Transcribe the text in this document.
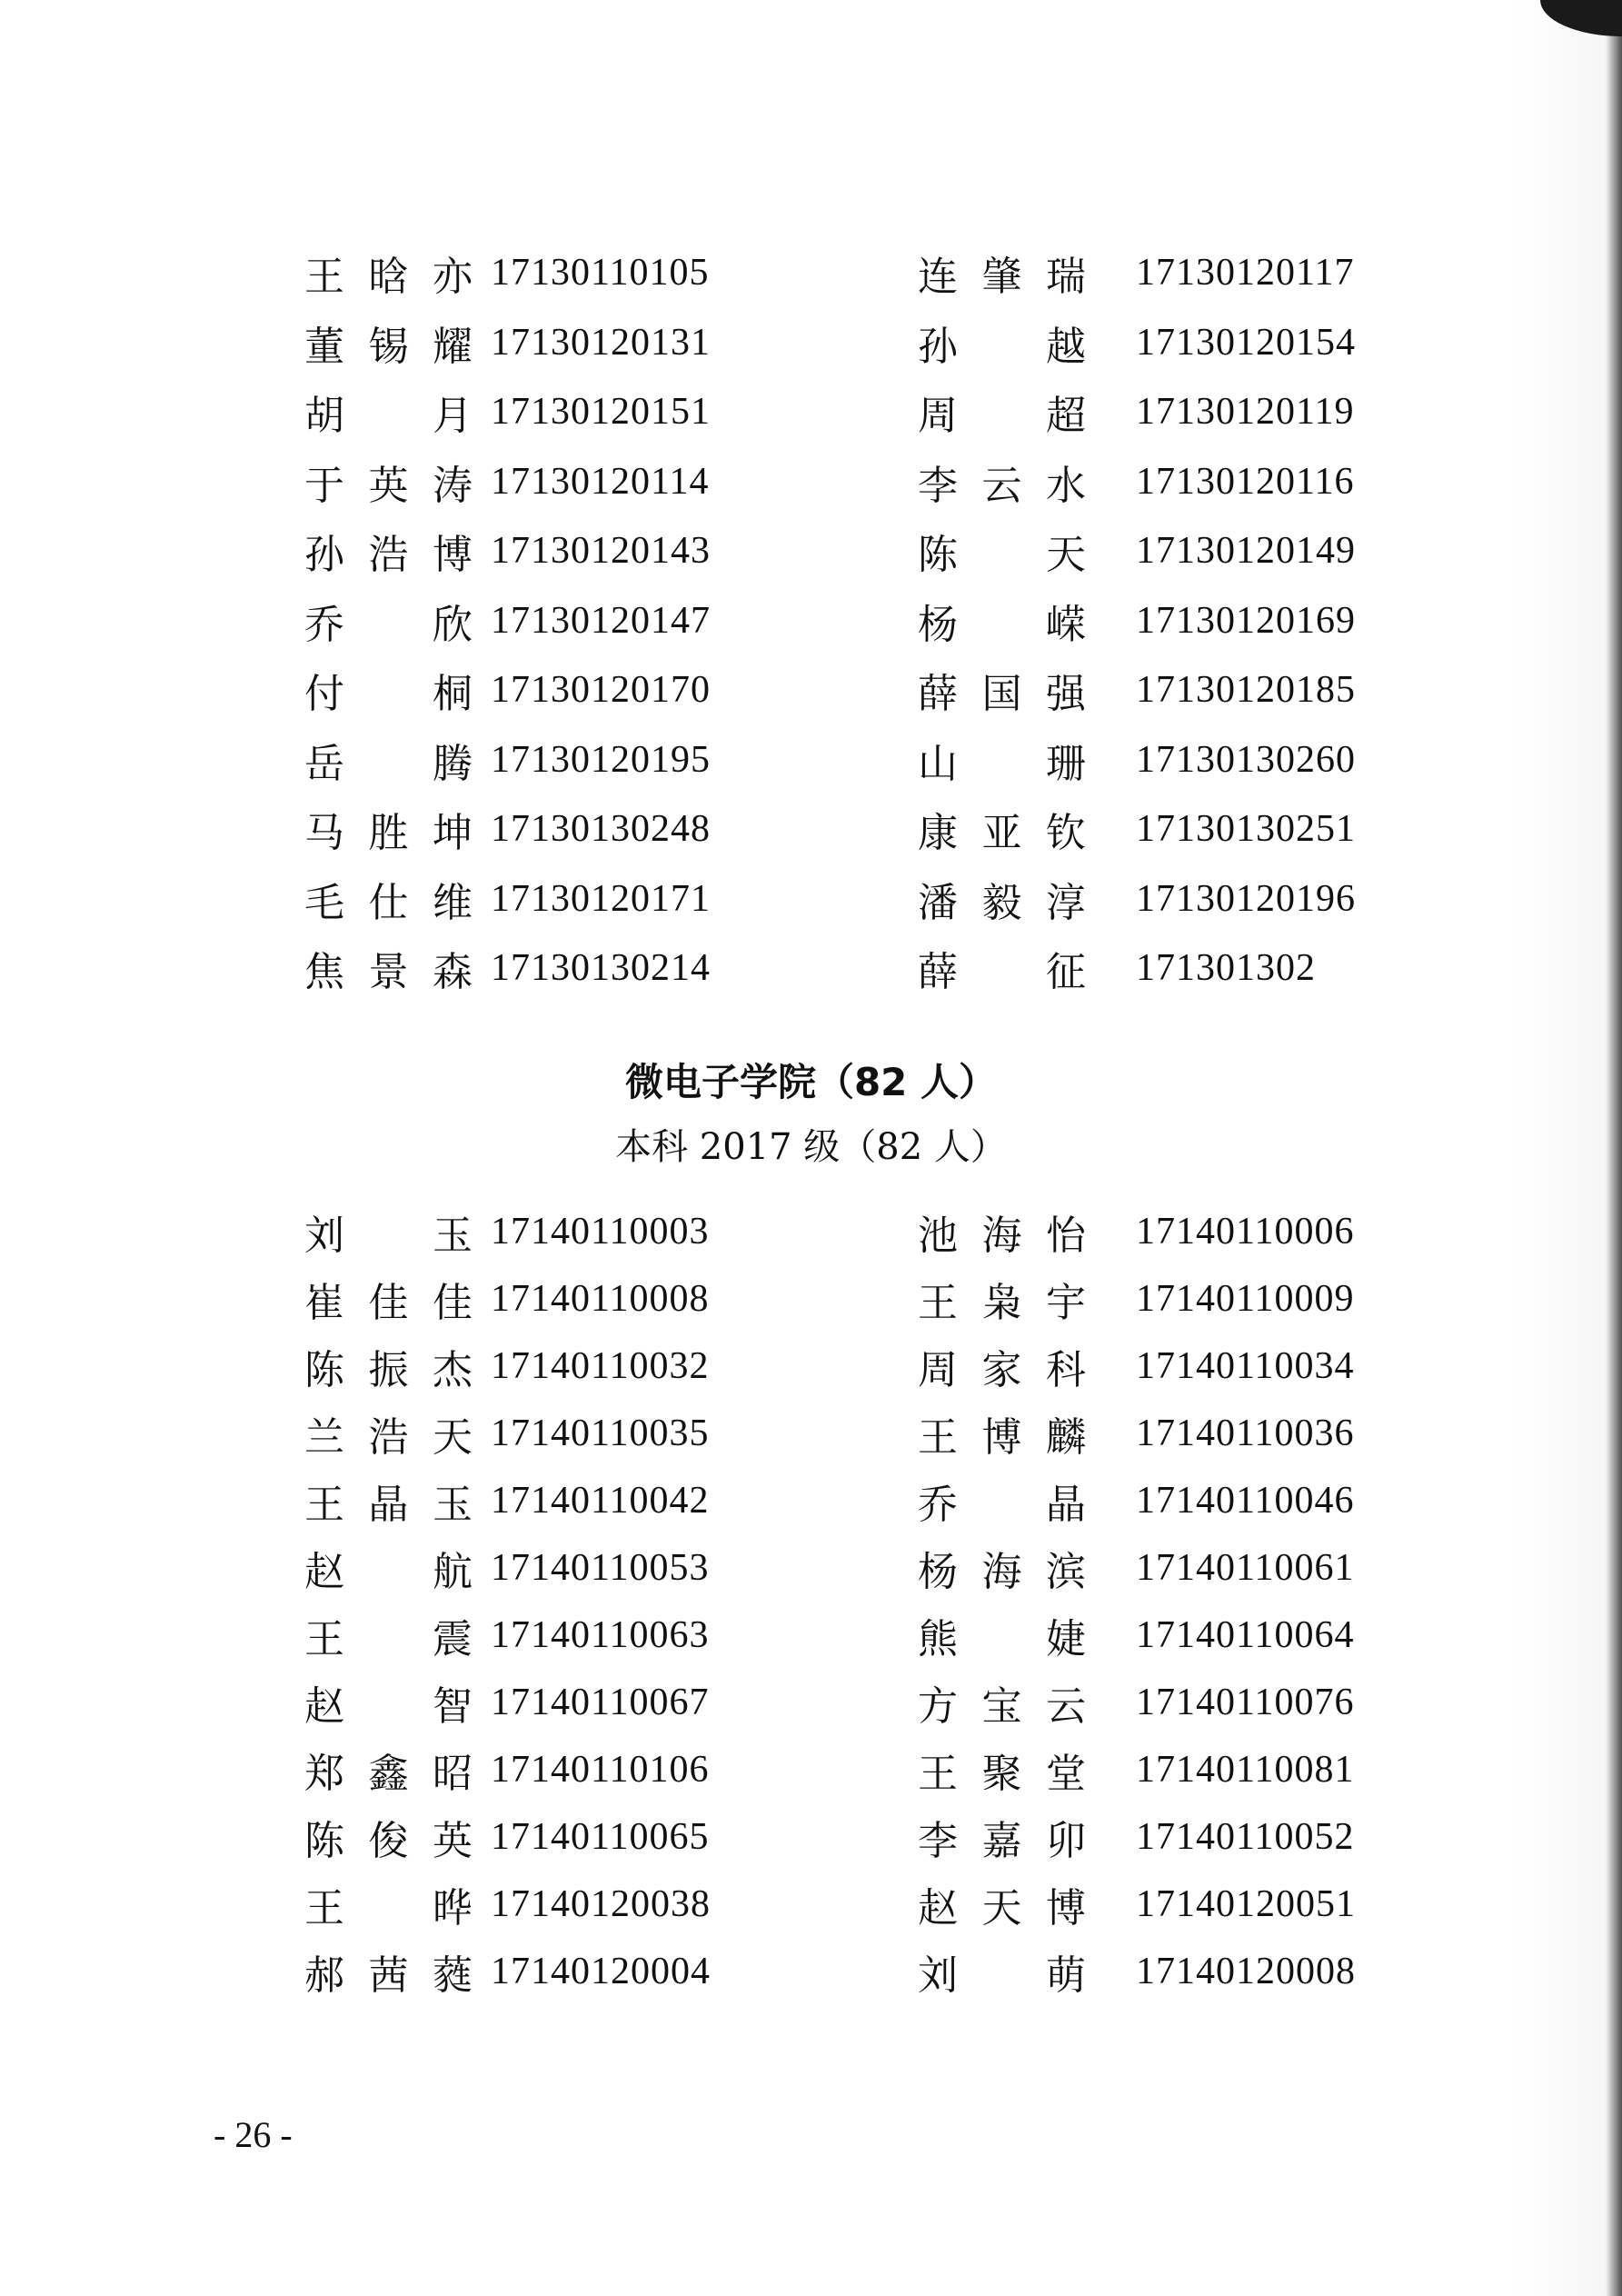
王 晗 亦 17130110105	连 肇 瑞 17130120117
董 锡 耀 17130120131	孙 越 17130120154
胡 月 17130120151	周 超 17130120119
于 英 涛 17130120114	李 云 水 17130120116
孙 浩 博 17130120143	陈 天 17130120149
乔 欣 17130120147	杨 嵘 17130120169
付 桐 17130120170	薛 国 强 17130120185
岳 腾 17130120195	山 珊 17130130260
马 胜 坤 17130130248	康 亚 钦 17130130251
毛 仕 维 17130120171	潘 毅 淳 17130120196
焦 景 森 17130130214	薛 征 171301302
微电子学院（82 人）
本科 2017 级（82 人）
刘 玉 17140110003	池 海 怡 17140110006
崔 佳 佳 17140110008	王 枭 宇 17140110009
陈 振 杰 17140110032	周 家 科 17140110034
兰 浩 天 17140110035	王 博 麟 17140110036
王 晶 玉 17140110042	乔 晶 17140110046
赵 航 17140110053	杨 海 滨 17140110061
王 震 17140110063	熊 婕 17140110064
赵 智 17140110067	方 宝 云 17140110076
郑 鑫 昭 17140110106	王 聚 堂 17140110081
陈 俊 英 17140110065	李 嘉 卯 17140110052
王 晔 17140120038	赵 天 博 17140120051
郝 茜 蕤 17140120004	刘 萌 17140120008
- 26 -
